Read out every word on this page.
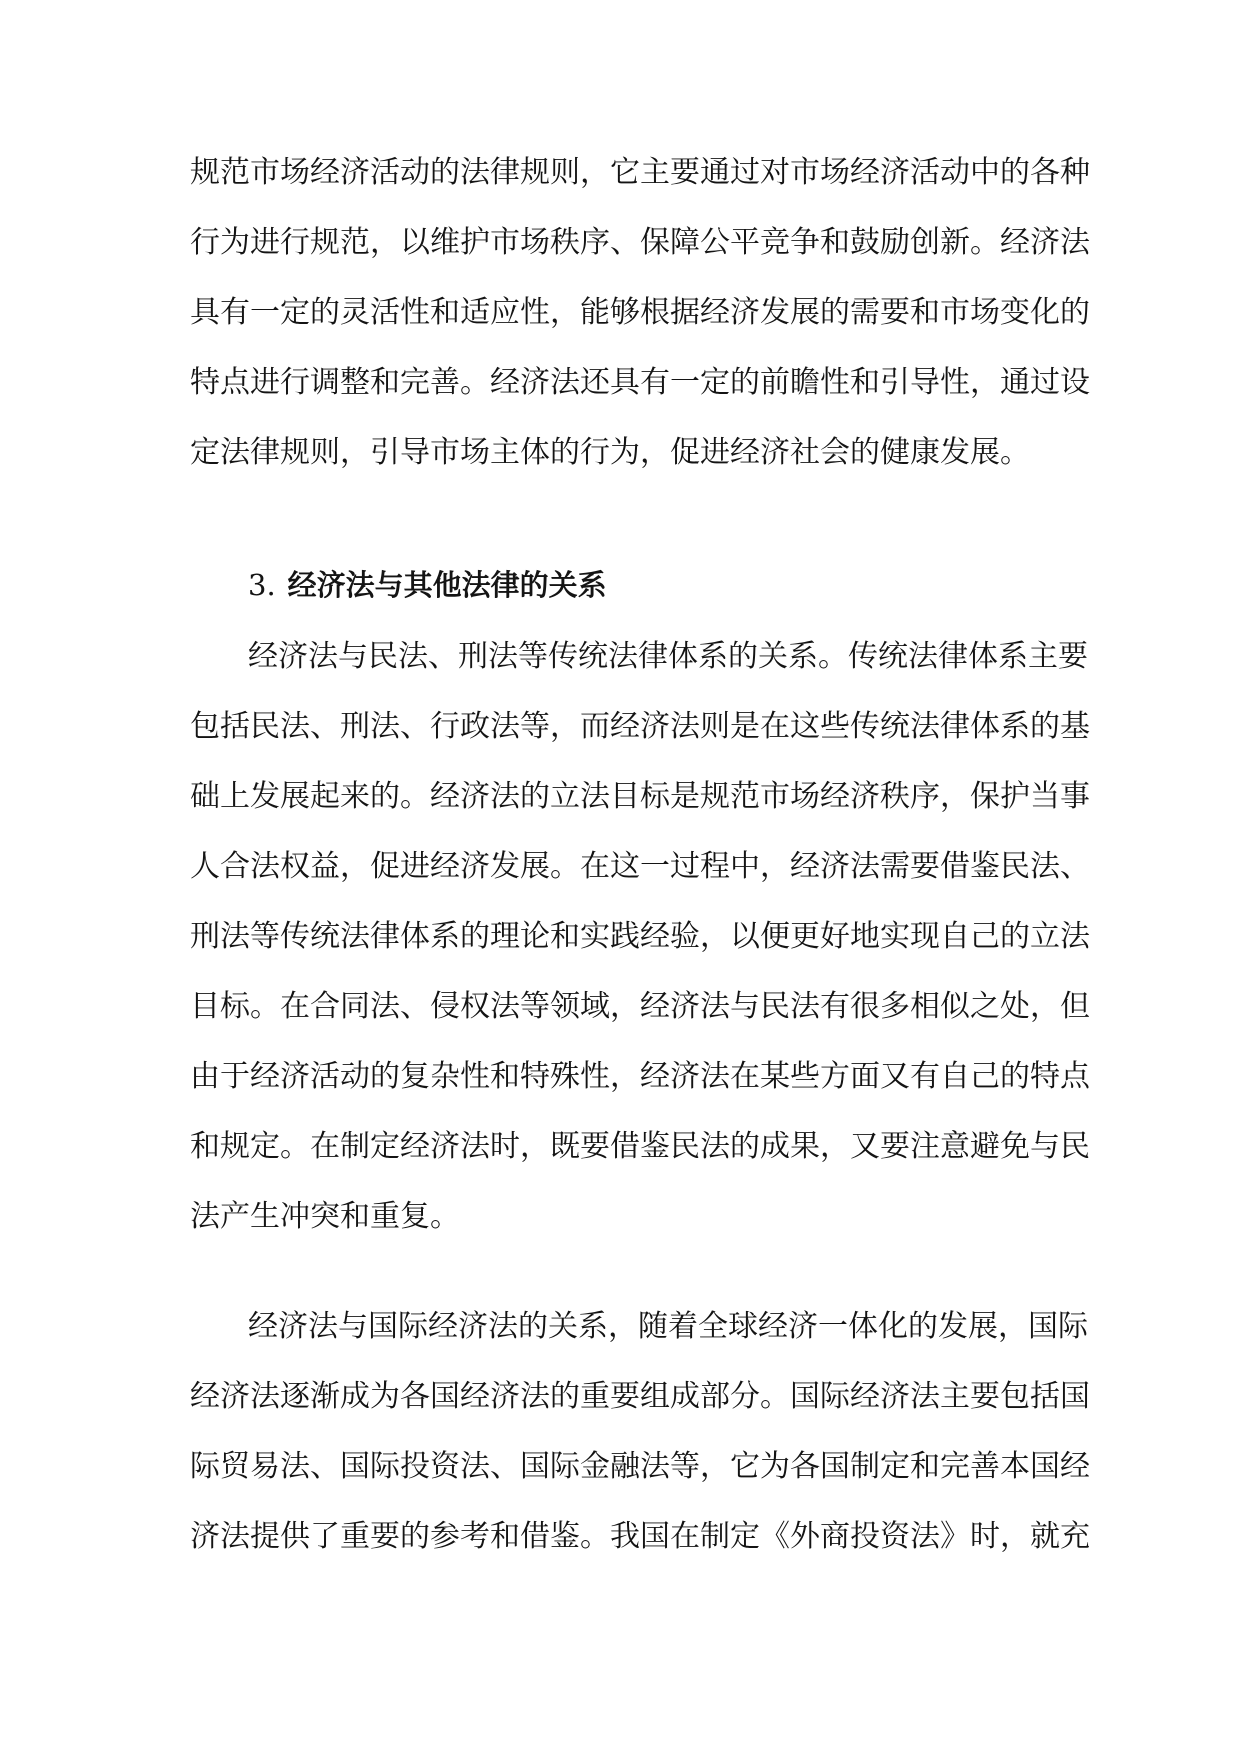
规范市场经济活动的法律规则，它主要通过对市场经济活动中的各种
行为进行规范，以维护市场秩序、保障公平竞争和鼓励创新。经济法
具有一定的灵活性和适应性，能够根据经济发展的需要和市场变化的
特点进行调整和完善。经济法还具有一定的前瞻性和引导性，通过设
定法律规则，引导市场主体的行为，促进经济社会的健康发展。
3. 经济法与其他法律的关系
经济法与民法、刑法等传统法律体系的关系。传统法律体系主要
包括民法、刑法、行政法等，而经济法则是在这些传统法律体系的基
础上发展起来的。经济法的立法目标是规范市场经济秩序，保护当事
人合法权益，促进经济发展。在这一过程中，经济法需要借鉴民法、
刑法等传统法律体系的理论和实践经验，以便更好地实现自己的立法
目标。在合同法、侵权法等领域，经济法与民法有很多相似之处，但
由于经济活动的复杂性和特殊性，经济法在某些方面又有自己的特点
和规定。在制定经济法时，既要借鉴民法的成果，又要注意避免与民
法产生冲突和重复。
经济法与国际经济法的关系，随着全球经济一体化的发展，国际
经济法逐渐成为各国经济法的重要组成部分。国际经济法主要包括国
际贸易法、国际投资法、国际金融法等，它为各国制定和完善本国经
济法提供了重要的参考和借鉴。我国在制定《外商投资法》时，就充
